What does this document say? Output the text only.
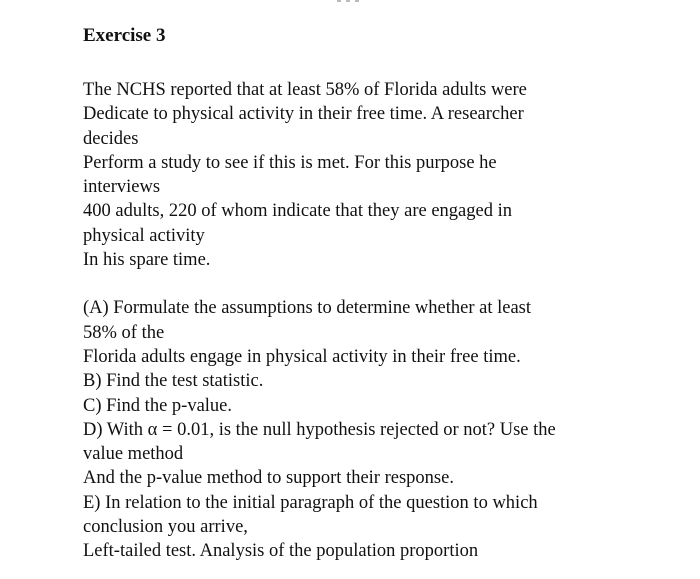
Exercise 3
The NCHS reported that at least 58% of Florida adults were
Dedicate to physical activity in their free time. A researcher
decides
Perform a study to see if this is met. For this purpose he
interviews
400 adults, 220 of whom indicate that they are engaged in
physical activity
In his spare time.
(A) Formulate the assumptions to determine whether at least
58% of the
Florida adults engage in physical activity in their free time.
B) Find the test statistic.
C) Find the p-value.
D) With α = 0.01, is the null hypothesis rejected or not? Use the
value method
And the p-value method to support their response.
E) In relation to the initial paragraph of the question to which
conclusion you arrive,
Left-tailed test. Analysis of the population proportion
